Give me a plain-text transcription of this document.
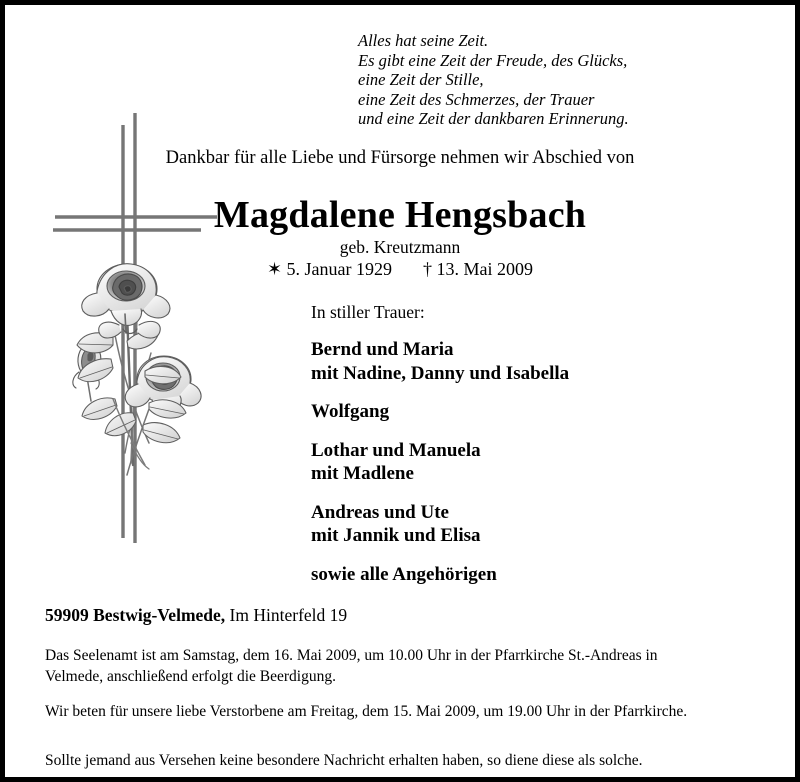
Alles hat seine Zeit.
Es gibt eine Zeit der Freude, des Glücks,
eine Zeit der Stille,
eine Zeit des Schmerzes, der Trauer
und eine Zeit der dankbaren Erinnerung.
Dankbar für alle Liebe und Fürsorge nehmen wir Abschied von
Magdalene Hengsbach
geb. Kreutzmann
✶ 5. Januar 1929 † 13. Mai 2009
In stiller Trauer:
Bernd und Maria
mit Nadine, Danny und Isabella
Wolfgang
Lothar und Manuela
mit Madlene
Andreas und Ute
mit Jannik und Elisa
sowie alle Angehörigen
59909 Bestwig-Velmede, Im Hinterfeld 19
Das Seelenamt ist am Samstag, dem 16. Mai 2009, um 10.00 Uhr in der Pfarrkirche St.-Andreas in Velmede, anschließend erfolgt die Beerdigung.
Wir beten für unsere liebe Verstorbene am Freitag, dem 15. Mai 2009, um 19.00 Uhr in der Pfarrkirche.
Sollte jemand aus Versehen keine besondere Nachricht erhalten haben, so diene diese als solche.
